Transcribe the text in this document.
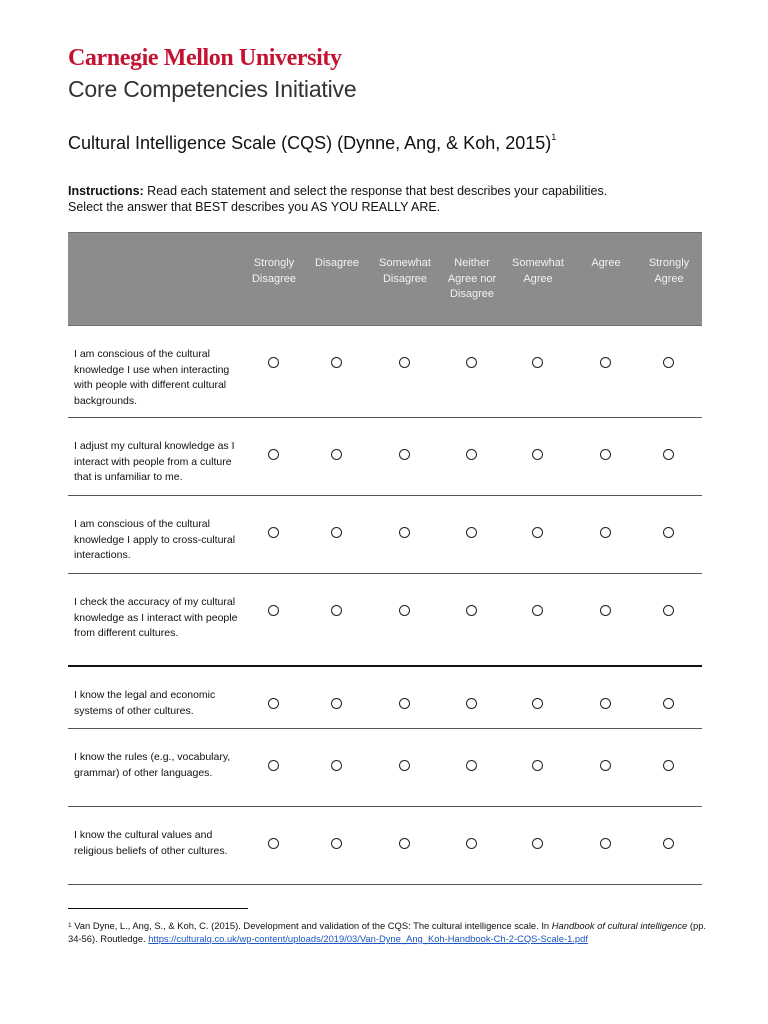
Carnegie Mellon University
Core Competencies Initiative
Cultural Intelligence Scale (CQS) (Dynne, Ang, & Koh, 2015)$^1$
Instructions: Read each statement and select the response that best describes your capabilities.
Select the answer that BEST describes you AS YOU REALLY ARE.
Strongly Disagree
Disagree	Somewhat Disagree
Neither Agree nor Disagree
Somewhat Agree
Agree	Strongly Agree
I am conscious of the cultural knowledge I use when interacting with people with different cultural backgrounds.
I adjust my cultural knowledge as I interact with people from a culture that is unfamiliar to me.
I am conscious of the cultural knowledge I apply to cross-cultural interactions.
I check the accuracy of my cultural knowledge as I interact with people from different cultures.
I know the legal and economic systems of other cultures.
I know the rules (e.g., vocabulary, grammar) of other languages.
I know the cultural values and religious beliefs of other cultures.
$^1$ Van Dyne, L., Ang, S., & Koh, C. (2015). Development and validation of the CQS: The cultural intelligence scale. In Handbook of cultural intelligence (pp. 34-56). Routledge. https://culturalq.co.uk/wp-content/uploads/2019/03/Van-Dyne_Ang_Koh-Handbook-Ch-2-CQS-Scale-1.pdf
